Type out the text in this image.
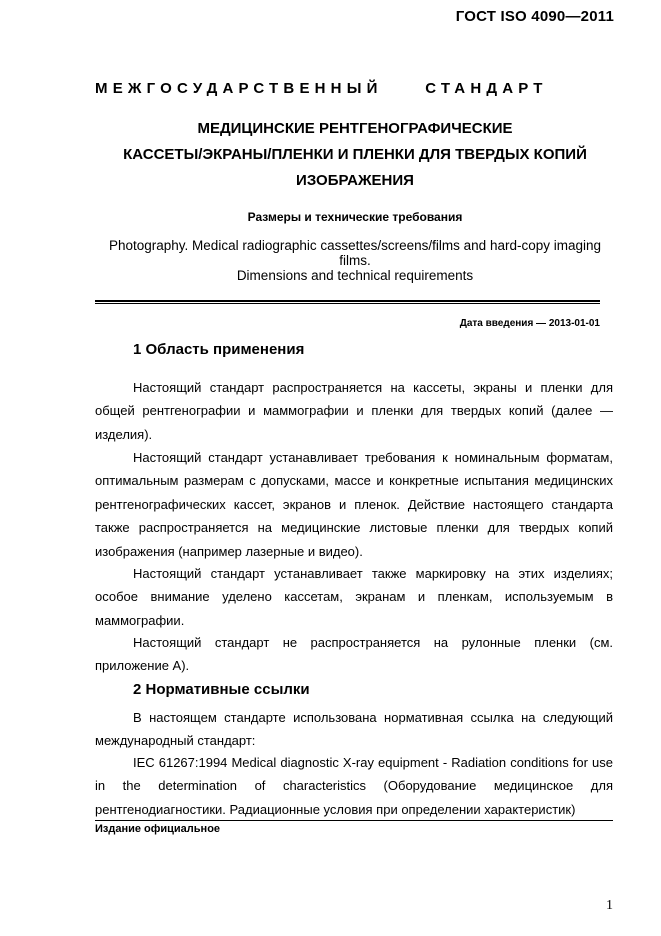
ГОСТ ISO 4090—2011
МЕЖГОСУДАРСТВЕННЫЙ	СТАНДАРТ
МЕДИЦИНСКИЕ РЕНТГЕНОГРАФИЧЕСКИЕ
КАССЕТЫ/ЭКРАНЫ/ПЛЕНКИ И ПЛЕНКИ ДЛЯ ТВЕРДЫХ КОПИЙ
ИЗОБРАЖЕНИЯ
Размеры и технические требования
Photography. Medical radiographic cassettes/screens/films and hard-copy imaging
films.
Dimensions and technical requirements
Дата введения — 2013-01-01
1 Область применения
Настоящий стандарт распространяется на кассеты, экраны и пленки для общей рентгенографии и маммографии и пленки для твердых копий (далее — изделия).
Настоящий стандарт устанавливает требования к номинальным форматам, оптимальным размерам с допусками, массе и конкретные испытания медицинских рентгенографических кассет, экранов и пленок. Действие настоящего стандарта также распространяется на медицинские листовые пленки для твердых копий изображения (например лазерные и видео).
Настоящий стандарт устанавливает также маркировку на этих изделиях; особое внимание уделено кассетам, экранам и пленкам, используемым в маммографии.
Настоящий стандарт не распространяется на рулонные пленки (см. приложение А).
2 Нормативные ссылки
В настоящем стандарте использована нормативная ссылка на следующий международный стандарт:
IEC 61267:1994 Medical diagnostic X-ray equipment - Radiation conditions for use in the determination of characteristics (Оборудование медицинское для рентгенодиагностики. Радиационные условия при определении характеристик)
Издание официальное
1
